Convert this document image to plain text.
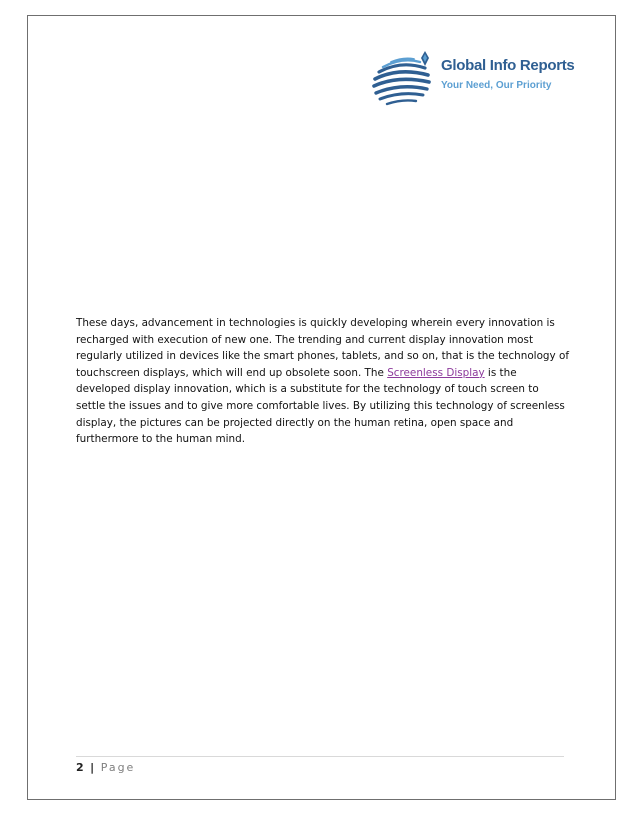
Global Info Reports
Your Need, Our Priority

These days, advancement in technologies is quickly developing wherein every innovation is recharged with execution of new one. The trending and current display innovation most regularly utilized in devices like the smart phones, tablets, and so on, that is the technology of touchscreen displays, which will end up obsolete soon. The Screenless Display is the developed display innovation, which is a substitute for the technology of touch screen to settle the issues and to give more comfortable lives. By utilizing this technology of screenless display, the pictures can be projected directly on the human retina, open space and furthermore to the human mind.

2 | Page
